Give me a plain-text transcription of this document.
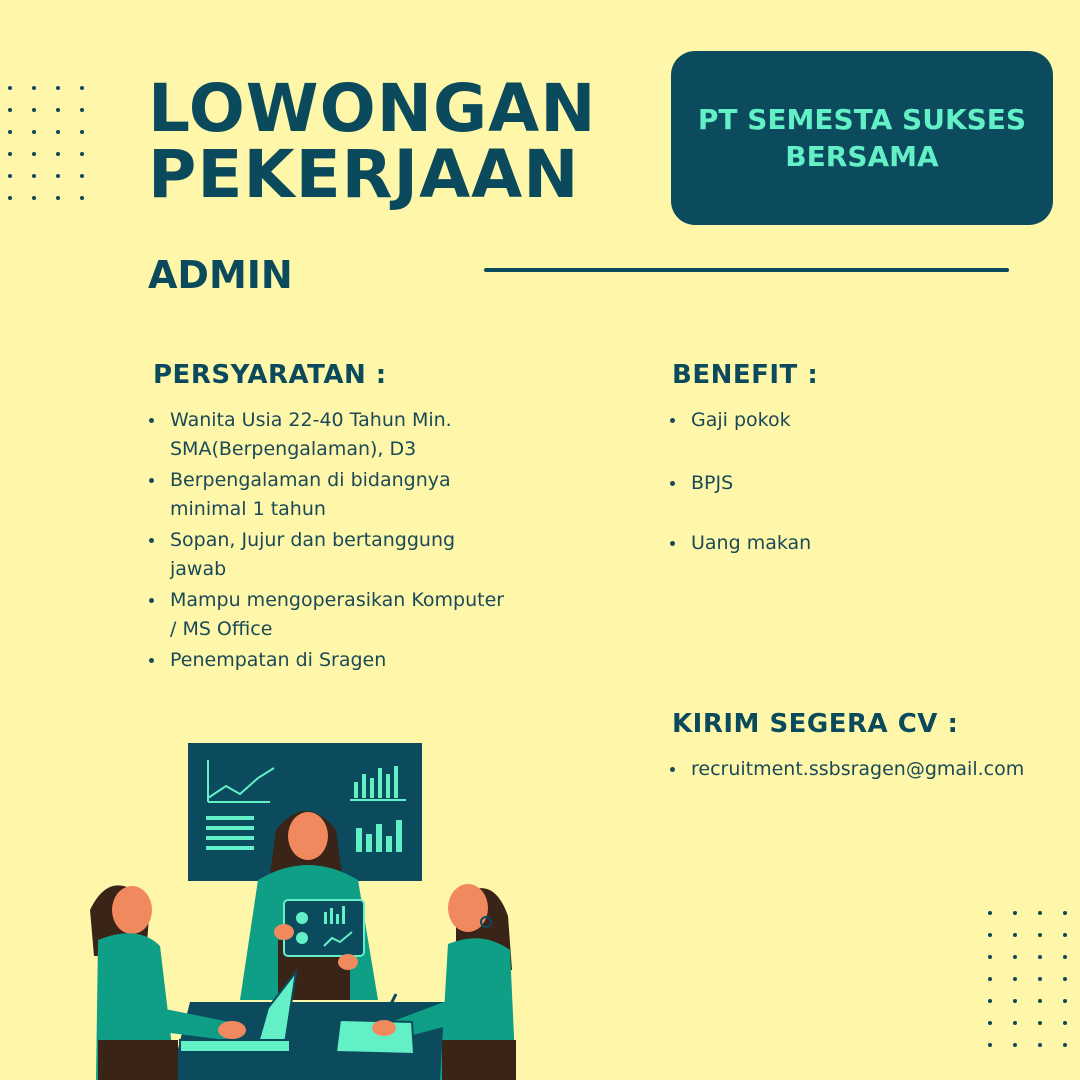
LOWONGAN
PEKERJAAN
PT SEMESTA SUKSES BERSAMA
ADMIN
PERSYARATAN :
Wanita Usia 22-40 Tahun Min. SMA(Berpengalaman), D3
Berpengalaman di bidangnya minimal 1 tahun
Sopan, Jujur dan bertanggung jawab
Mampu mengoperasikan Komputer / MS Office
Penempatan di Sragen
BENEFIT :
Gaji pokok
BPJS
Uang makan
KIRIM SEGERA CV :
recruitment.ssbsragen@gmail.com
